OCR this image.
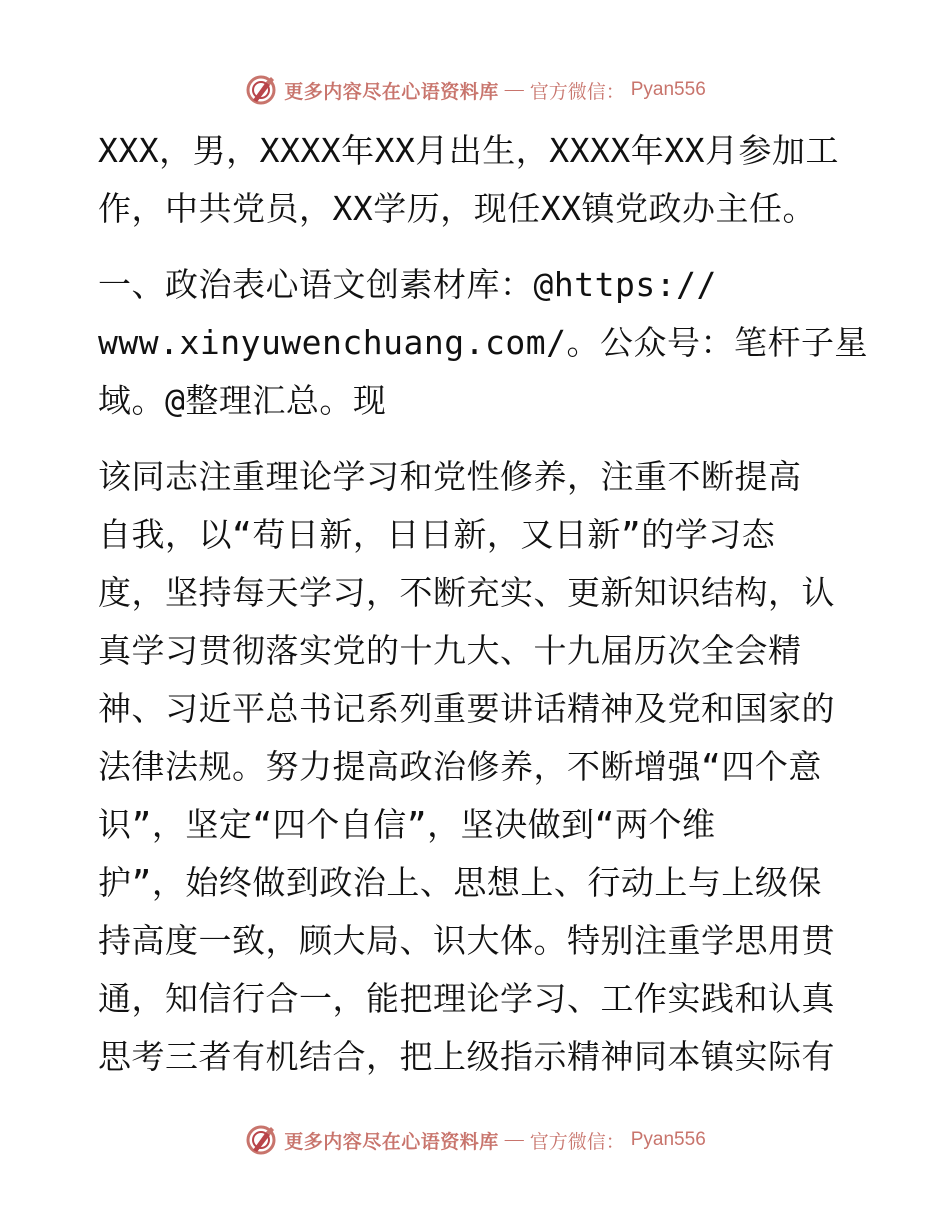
更多内容尽在心语资料库 — 官方微信： Pyan556
XXX，男，XXXX年XX月出生，XXXX年XX月参加工
作，中共党员，XX学历，现任XX镇党政办主任。
一、政治表心语文创素材库：@https://
www.xinyuwenchuang.com/。公众号：笔杆子星
域。@整理汇总。现
该同志注重理论学习和党性修养，注重不断提高
自我，以“苟日新，日日新，又日新”的学习态
度，坚持每天学习，不断充实、更新知识结构，认
真学习贯彻落实党的十九大、十九届历次全会精
神、习近平总书记系列重要讲话精神及党和国家的
法律法规。努力提高政治修养，不断增强“四个意
识”，坚定“四个自信”，坚决做到“两个维
护”，始终做到政治上、思想上、行动上与上级保
持高度一致，顾大局、识大体。特别注重学思用贯
通，知信行合一，能把理论学习、工作实践和认真
思考三者有机结合，把上级指示精神同本镇实际有
更多内容尽在心语资料库 — 官方微信： Pyan556
